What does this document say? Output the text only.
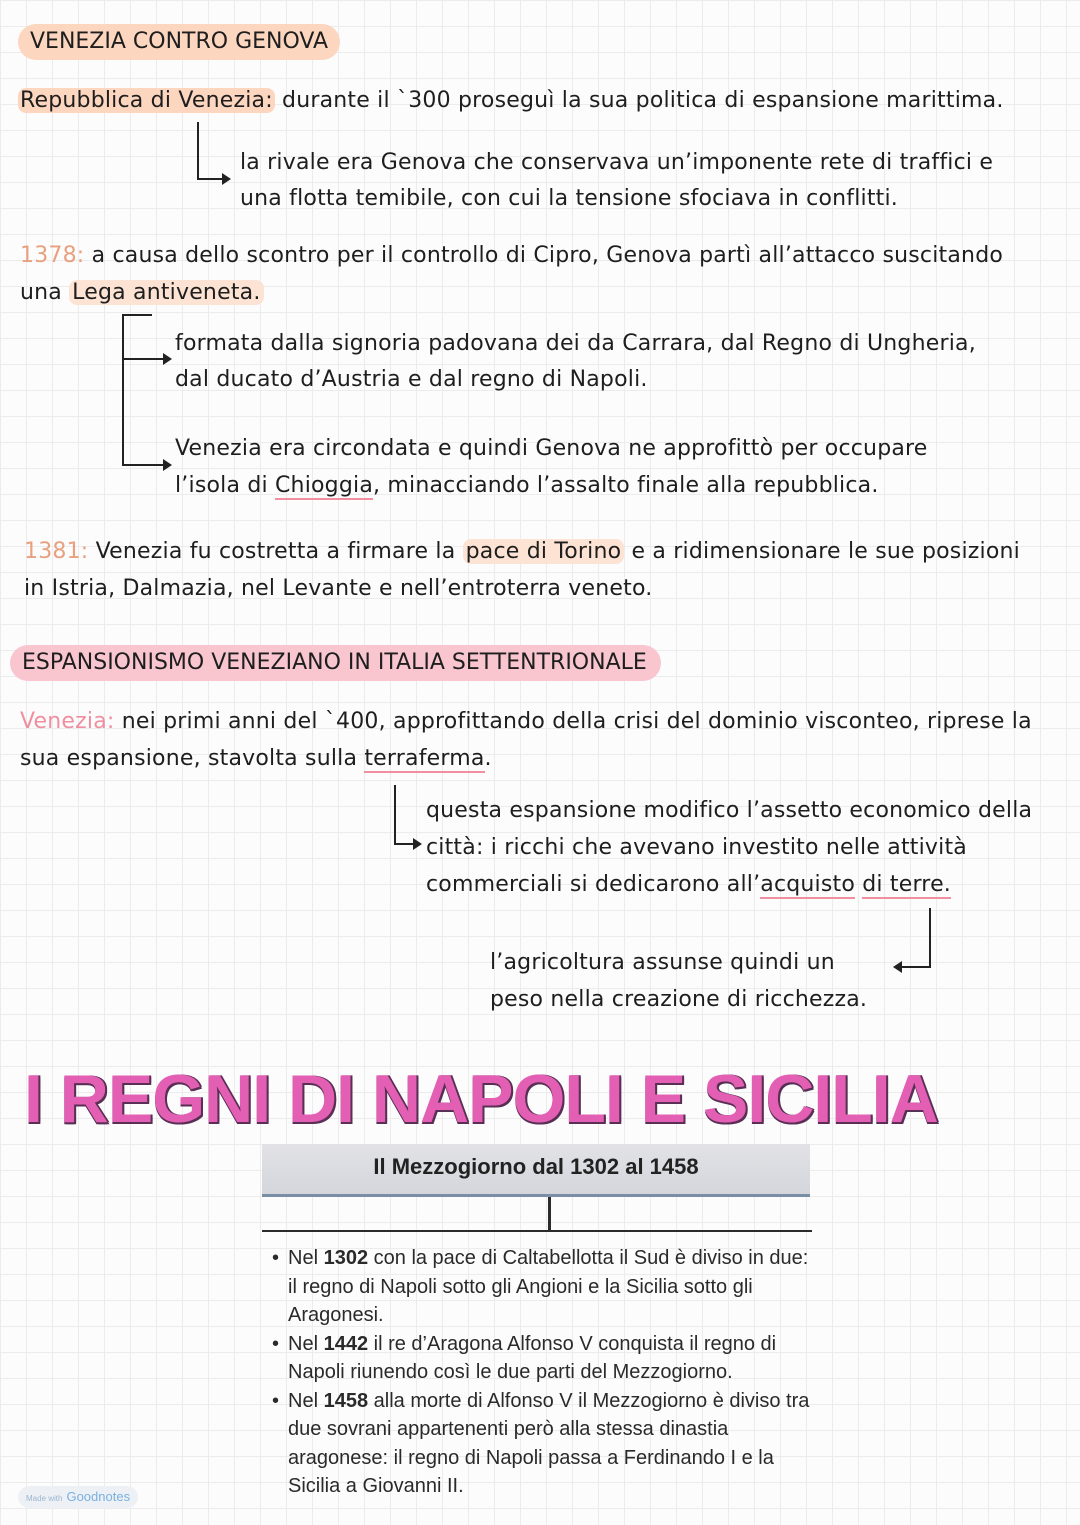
VENEZIA CONTRO GENOVA
Repubblica di Venezia: durante il `300 proseguì la sua politica di espansione marittima.
la rivale era Genova che conservava un’imponente rete di traffici e
una flotta temibile, con cui la tensione sfociava in conflitti.
1378: a causa dello scontro per il controllo di Cipro, Genova partì all’attacco suscitando
una Lega antiveneta.
formata dalla signoria padovana dei da Carrara, dal Regno di Ungheria,
dal ducato d’Austria e dal regno di Napoli.
Venezia era circondata e quindi Genova ne approfittò per occupare
l’isola di Chioggia, minacciando l’assalto finale alla repubblica.
1381: Venezia fu costretta a firmare la pace di Torino e a ridimensionare le sue posizioni
in Istria, Dalmazia, nel Levante e nell’entroterra veneto.
ESPANSIONISMO VENEZIANO IN ITALIA SETTENTRIONALE
Venezia: nei primi anni del `400, approfittando della crisi del dominio visconteo, riprese la
sua espansione, stavolta sulla terraferma.
questa espansione modifico l’assetto economico della
città: i ricchi che avevano investito nelle attività
commerciali si dedicarono all’acquisto di terre.
l’agricoltura assunse quindi un
peso nella creazione di ricchezza.
I REGNI DI NAPOLI E SICILIA
Il Mezzogiorno dal 1302 al 1458
• Nel 1302 con la pace di Caltabellotta il Sud è diviso in due: il regno di Napoli sotto gli Angioni e la Sicilia sotto gli Aragonesi.
• Nel 1442 il re d’Aragona Alfonso V conquista il regno di Napoli riunendo così le due parti del Mezzogiorno.
• Nel 1458 alla morte di Alfonso V il Mezzogiorno è diviso tra due sovrani appartenenti però alla stessa dinastia aragonese: il regno di Napoli passa a Ferdinando I e la Sicilia a Giovanni II.
Made with Goodnotes
